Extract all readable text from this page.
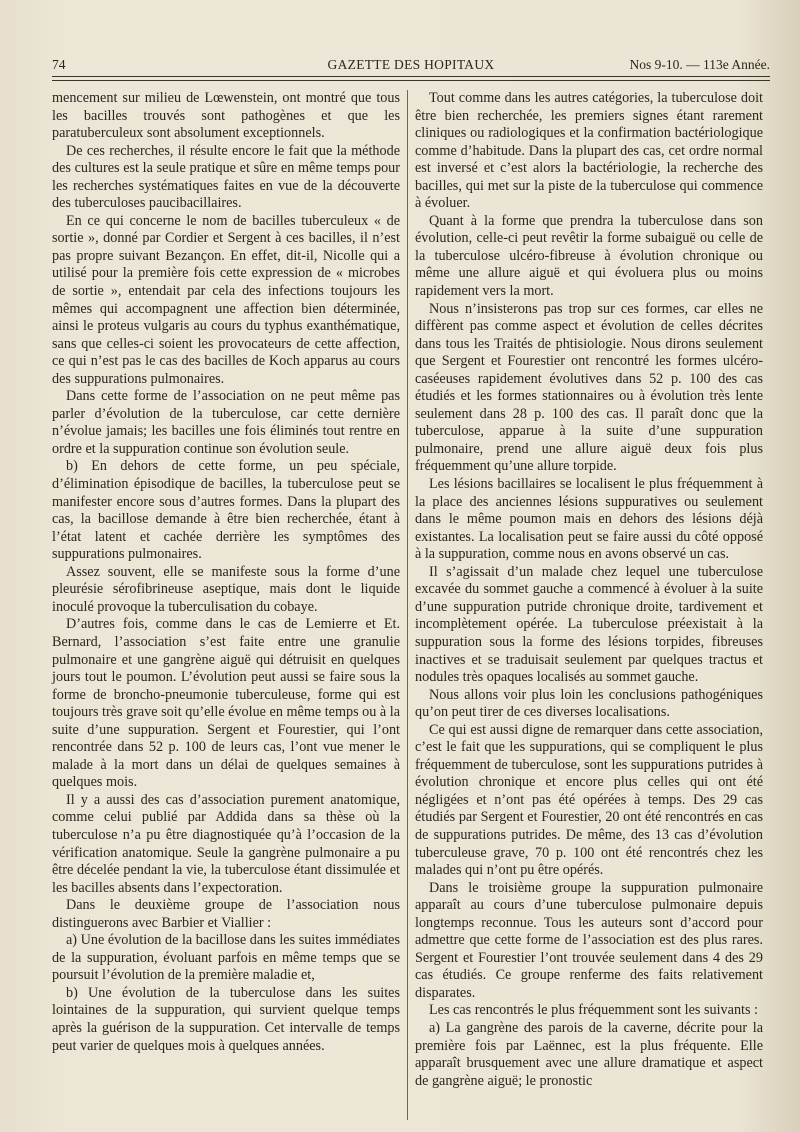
74	GAZETTE DES HOPITAUX	Nos 9-10. — 113e Année.

mencement sur milieu de Lœwenstein, ont montré que tous les bacilles trouvés sont pathogènes et que les paratuberculeux sont absolument exceptionnels.

De ces recherches, il résulte encore le fait que la méthode des cultures est la seule pratique et sûre en même temps pour les recherches systématiques faites en vue de la découverte des tuberculoses paucibacillaires.

En ce qui concerne le nom de bacilles tuberculeux « de sortie », donné par Cordier et Sergent à ces bacilles, il n’est pas propre suivant Bezançon. En effet, dit-il, Nicolle qui a utilisé pour la première fois cette expression de « microbes de sortie », entendait par cela des infections toujours les mêmes qui accompagnent une affection bien déterminée, ainsi le proteus vulgaris au cours du typhus exanthématique, sans que celles-ci soient les provocateurs de cette affection, ce qui n’est pas le cas des bacilles de Koch apparus au cours des suppurations pulmonaires.

Dans cette forme de l’association on ne peut même pas parler d’évolution de la tuberculose, car cette dernière n’évolue jamais; les bacilles une fois éliminés tout rentre en ordre et la suppuration continue son évolution seule.

b) En dehors de cette forme, un peu spéciale, d’élimination épisodique de bacilles, la tuberculose peut se manifester encore sous d’autres formes. Dans la plupart des cas, la bacillose demande à être bien recherchée, étant à l’état latent et cachée derrière les symptômes des suppurations pulmonaires.

Assez souvent, elle se manifeste sous la forme d’une pleurésie sérofibrineuse aseptique, mais dont le liquide inoculé provoque la tuberculisation du cobaye.

D’autres fois, comme dans le cas de Lemierre et Et. Bernard, l’association s’est faite entre une granulie pulmonaire et une gangrène aiguë qui détruisit en quelques jours tout le poumon. L’évolution peut aussi se faire sous la forme de broncho-pneumonie tuberculeuse, forme qui est toujours très grave soit qu’elle évolue en même temps ou à la suite d’une suppuration. Sergent et Fourestier, qui l’ont rencontrée dans 52 p. 100 de leurs cas, l’ont vue mener le malade à la mort dans un délai de quelques semaines à quelques mois.

Il y a aussi des cas d’association purement anatomique, comme celui publié par Addida dans sa thèse où la tuberculose n’a pu être diagnostiquée qu’à l’occasion de la vérification anatomique. Seule la gangrène pulmonaire a pu être décelée pendant la vie, la tuberculose étant dissimulée et les bacilles absents dans l’expectoration.

Dans le deuxième groupe de l’association nous distinguerons avec Barbier et Viallier :

a) Une évolution de la bacillose dans les suites immédiates de la suppuration, évoluant parfois en même temps que se poursuit l’évolution de la première maladie et,

b) Une évolution de la tuberculose dans les suites lointaines de la suppuration, qui survient quelque temps après la guérison de la suppuration. Cet intervalle de temps peut varier de quelques mois à quelques années.

Tout comme dans les autres catégories, la tuberculose doit être bien recherchée, les premiers signes étant rarement cliniques ou radiologiques et la confirmation bactériologique comme d’habitude. Dans la plupart des cas, cet ordre normal est inversé et c’est alors la bactériologie, la recherche des bacilles, qui met sur la piste de la tuberculose qui commence à évoluer.

Quant à la forme que prendra la tuberculose dans son évolution, celle-ci peut revêtir la forme subaiguë ou celle de la tuberculose ulcéro-fibreuse à évolution chronique ou même une allure aiguë et qui évoluera plus ou moins rapidement vers la mort.

Nous n’insisterons pas trop sur ces formes, car elles ne diffèrent pas comme aspect et évolution de celles décrites dans tous les Traités de phtisiologie. Nous dirons seulement que Sergent et Fourestier ont rencontré les formes ulcéro-caséeuses rapidement évolutives dans 52 p. 100 des cas étudiés et les formes stationnaires ou à évolution très lente seulement dans 28 p. 100 des cas. Il paraît donc que la tuberculose, apparue à la suite d’une suppuration pulmonaire, prend une allure aiguë deux fois plus fréquemment qu’une allure torpide.

Les lésions bacillaires se localisent le plus fréquemment à la place des anciennes lésions suppuratives ou seulement dans le même poumon mais en dehors des lésions déjà existantes. La localisation peut se faire aussi du côté opposé à la suppuration, comme nous en avons observé un cas.

Il s’agissait d’un malade chez lequel une tuberculose excavée du sommet gauche a commencé à évoluer à la suite d’une suppuration putride chronique droite, tardivement et incomplètement opérée. La tuberculose préexistait à la suppuration sous la forme des lésions torpides, fibreuses inactives et se traduisait seulement par quelques tractus et nodules très opaques localisés au sommet gauche.

Nous allons voir plus loin les conclusions pathogéniques qu’on peut tirer de ces diverses localisations.

Ce qui est aussi digne de remarquer dans cette association, c’est le fait que les suppurations, qui se compliquent le plus fréquemment de tuberculose, sont les suppurations putrides à évolution chronique et encore plus celles qui ont été négligées et n’ont pas été opérées à temps. Des 29 cas étudiés par Sergent et Fourestier, 20 ont été rencontrés en cas de suppurations putrides. De même, des 13 cas d’évolution tuberculeuse grave, 70 p. 100 ont été rencontrés chez les malades qui n’ont pu être opérés.

Dans le troisième groupe la suppuration pulmonaire apparaît au cours d’une tuberculose pulmonaire depuis longtemps reconnue. Tous les auteurs sont d’accord pour admettre que cette forme de l’association est des plus rares. Sergent et Fourestier l’ont trouvée seulement dans 4 des 29 cas étudiés. Ce groupe renferme des faits relativement disparates.

Les cas rencontrés le plus fréquemment sont les suivants :

a) La gangrène des parois de la caverne, décrite pour la première fois par Laënnec, est la plus fréquente. Elle apparaît brusquement avec une allure dramatique et aspect de gangrène aiguë; le pronostic
